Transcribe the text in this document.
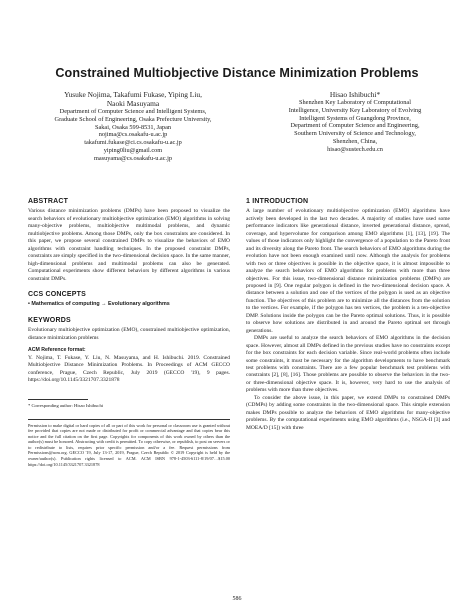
Constrained Multiobjective Distance Minimization Problems
Yusuke Nojima, Takafumi Fukase, Yiping Liu,
Naoki Masuyama
Department of Computer Science and Intelligent Systems,
Graduate School of Engineering, Osaka Prefecture University,
Sakai, Osaka 599-8531, Japan
nojima@cs.osakafu-u.ac.jp
takafumi.fukase@ci.cs.osakafu-u.ac.jp
yiping0liu@gmail.com
masuyama@cs.osakafu-u.ac.jp
Hisao Ishibuchi*
Shenzhen Key Laboratory of Computational
Intelligence, University Key Laboratory of Evolving
Intelligent Systems of Guangdong Province,
Department of Computer Science and Engineering,
Southern University of Science and Technology,
Shenzhen, China,
hisao@sustech.edu.cn
ABSTRACT

Various distance minimization problems (DMPs) have been proposed to visualize the search behaviors of evolutionary multiobjective optimization (EMO) algorithms in solving many-objective problems, multiobjective multimodal problems, and dynamic multiobjective problems. Among those DMPs, only the box constraints are considered. In this paper, we propose several constrained DMPs to visualize the behaviors of EMO algorithms with constraint handling techniques. In the proposed constraint DMPs, constraints are simply specified in the two-dimensional decision space. In the same manner, high-dimensional problems and multimodal problems can also be generated. Computational experiments show different behaviors by different algorithms in various constraint DMPs.

CCS CONCEPTS

• Mathematics of computing → Evolutionary algorithms

KEYWORDS

Evolutionary multiobjective optimization (EMO), constrained multiobjective optimization, distance minimization problems

ACM Reference format:

Y. Nojima, T. Fukase, Y. Liu, N. Masuyama, and H. Ishibuchi. 2019. Constrained Multiobjective Distance Minimization Problems. In Proceedings of ACM GECCO conference, Prague, Czech Republic, July 2019 (GECCO '19), 9 pages. https://doi.org/10.1145/3321707.3321878

* Corresponding author: Hisao Ishibuchi

Permission to make digital or hard copies of all or part of this work for personal or classroom use is granted without fee provided that copies are not made or distributed for profit or commercial advantage and that copies bear this notice and the full citation on the first page. Copyrights for components of this work owned by others than the author(s) must be honored. Abstracting with credit is permitted. To copy otherwise, or republish, to post on servers or to redistribute to lists, requires prior specific permission and/or a fee. Request permissions from Permissions@acm.org. GECCO '19, July 13-17, 2019, Prague, Czech Republic © 2019 Copyright is held by the owner/author(s). Publication rights licensed to ACM. ACM ISBN 978-1-4503-6111-8/19/07…$15.00 https://doi.org/10.1145/3321707.3321878

1 INTRODUCTION

A large number of evolutionary multiobjective optimization (EMO) algorithms have actively been developed in the last two decades. A majority of studies have used some performance indicators like generational distance, inverted generational distance, spread, coverage, and hypervolume for comparison among EMO algorithms [1], [13], [19]. The values of those indicators only highlight the convergence of a population to the Pareto front and its diversity along the Pareto front. The search behaviors of EMO algorithms during the evolution have not been enough examined until now. Although the analysis for problems with two or three objectives is possible in the objective space, it is almost impossible to analyze the search behaviors of EMO algorithms for problems with more than three objectives. For this issue, two-dimensional distance minimization problems (DMPs) are proposed in [9]. One regular polygon is defined in the two-dimensional decision space. A distance between a solution and one of the vertices of the polygon is used as an objective function. The objectives of this problem are to minimize all the distances from the solution to the vertices. For example, if the polygon has ten vertices, the problem is a ten-objective DMP. Solutions inside the polygon can be the Pareto optimal solutions. Thus, it is possible to observe how solutions are distributed in and around the Pareto optimal set through generations.

DMPs are useful to analyze the search behaviors of EMO algorithms in the decision space. However, almost all DMPs defined in the previous studies have no constraints except for the box constraints for each decision variable. Since real-world problems often include some constraints, it must be necessary for the algorithm developments to have benchmark test problems with constraints. There are a few popular benchmark test problems with constraints [2], [8], [16]. Those problems are possible to observe the behaviors in the two- or three-dimensional objective space. It is, however, very hard to use the analysis of problems with more than three objectives.

To consider the above issue, in this paper, we extend DMPs to constrained DMPs (CDMPs) by adding some constraints in the two-dimensional space. This simple extension makes DMPs possible to analyze the behaviors of EMO algorithms for many-objective problems. By the computational experiments using EMO algorithms (i.e., NSGA-II [3] and MOEA/D [15]) with three

586
